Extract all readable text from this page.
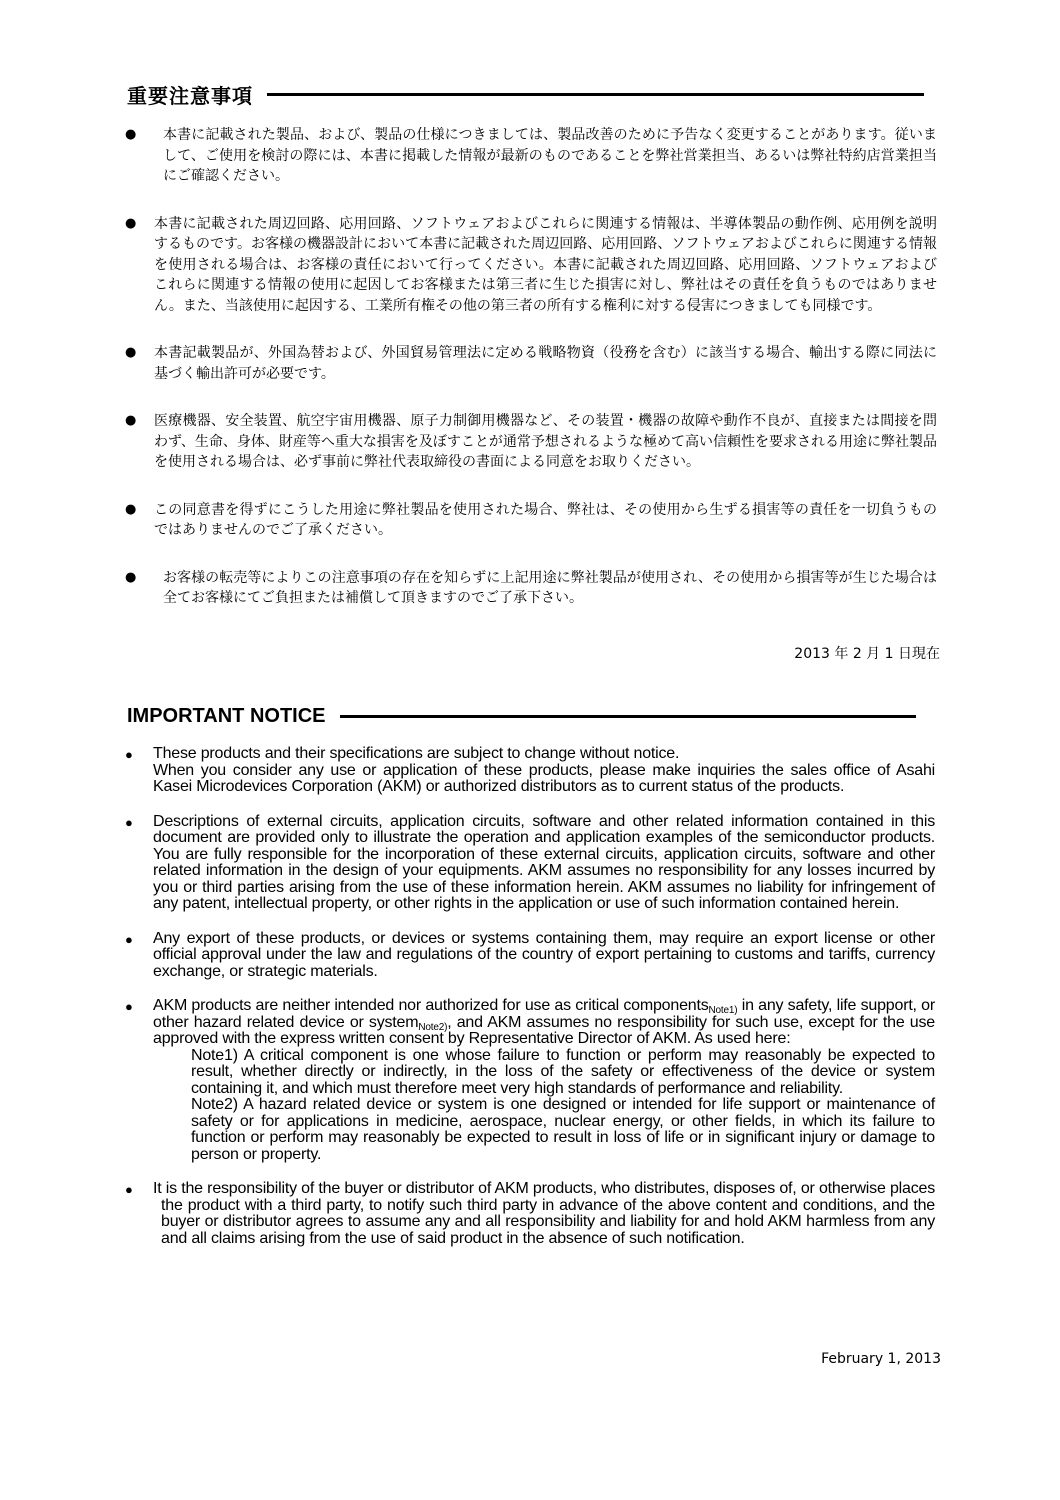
重要注意事項
●	本書に記載された製品、および、製品の仕様につきましては、製品改善のために予告なく変更することがあります。従いまして、ご使用を検討の際には、本書に掲載した情報が最新のものであることを弊社営業担当、あるいは弊社特約店営業担当にご確認ください。
● 本書に記載された周辺回路、応用回路、ソフトウェアおよびこれらに関連する情報は、半導体製品の動作例、応用例を説明するものです。お客様の機器設計において本書に記載された周辺回路、応用回路、ソフトウェアおよびこれらに関連する情報を使用される場合は、お客様の責任において行ってください。本書に記載された周辺回路、応用回路、ソフトウェアおよびこれらに関連する情報の使用に起因してお客様または第三者に生じた損害に対し、弊社はその責任を負うものではありません。また、当該使用に起因する、工業所有権その他の第三者の所有する権利に対する侵害につきましても同様です。
● 本書記載製品が、外国為替および、外国貿易管理法に定める戦略物資（役務を含む）に該当する場合、輸出する際に同法に基づく輸出許可が必要です。
● 医療機器、安全装置、航空宇宙用機器、原子力制御用機器など、その装置・機器の故障や動作不良が、直接または間接を問わず、生命、身体、財産等へ重大な損害を及ぼすことが通常予想されるような極めて高い信頼性を要求される用途に弊社製品を使用される場合は、必ず事前に弊社代表取締役の書面による同意をお取りください。
● この同意書を得ずにこうした用途に弊社製品を使用された場合、弊社は、その使用から生ずる損害等の責任を一切負うものではありませんのでご了承ください。
●	お客様の転売等によりこの注意事項の存在を知らずに上記用途に弊社製品が使用され、その使用から損害等が生じた場合は全てお客様にてご負担または補償して頂きますのでご了承下さい。
2013 年 2 月 1 日現在
IMPORTANT NOTICE
● These products and their specifications are subject to change without notice.

When you consider any use or application of these products, please make inquiries the sales office of Asahi Kasei Microdevices Corporation (AKM) or authorized distributors as to current status of the products.

● Descriptions of external circuits, application circuits, software and other related information contained in this document are provided only to illustrate the operation and application examples of the semiconductor products. You are fully responsible for the incorporation of these external circuits, application circuits, software and other related information in the design of your equipments. AKM assumes no responsibility for any losses incurred by you or third parties arising from the use of these information herein. AKM assumes no liability for infringement of any patent, intellectual property, or other rights in the application or use of such information contained herein.

● Any export of these products, or devices or systems containing them, may require an export license or other official approval under the law and regulations of the country of export pertaining to customs and tariffs, currency exchange, or strategic materials.

● AKM products are neither intended nor authorized for use as critical components$_{Note1)}$ in any safety, life support, or other hazard related device or system$_{Note2)}$, and AKM assumes no responsibility for such use, except for the use approved with the express written consent by Representative Director of AKM. As used here:

Note1) A critical component is one whose failure to function or perform may reasonably be expected to result, whether directly or indirectly, in the loss of the safety or effectiveness of the device or system containing it, and which must therefore meet very high standards of performance and reliability.

Note2) A hazard related device or system is one designed or intended for life support or maintenance of safety or for applications in medicine, aerospace, nuclear energy, or other fields, in which its failure to function or perform may reasonably be expected to result in loss of life or in significant injury or damage to person or property.

● It is the responsibility of the buyer or distributor of AKM products, who distributes, disposes of, or otherwise places the product with a third party, to notify such third party in advance of the above content and conditions, and the buyer or distributor agrees to assume any and all responsibility and liability for and hold AKM harmless from any and all claims arising from the use of said product in the absence of such notification.

February 1, 2013
